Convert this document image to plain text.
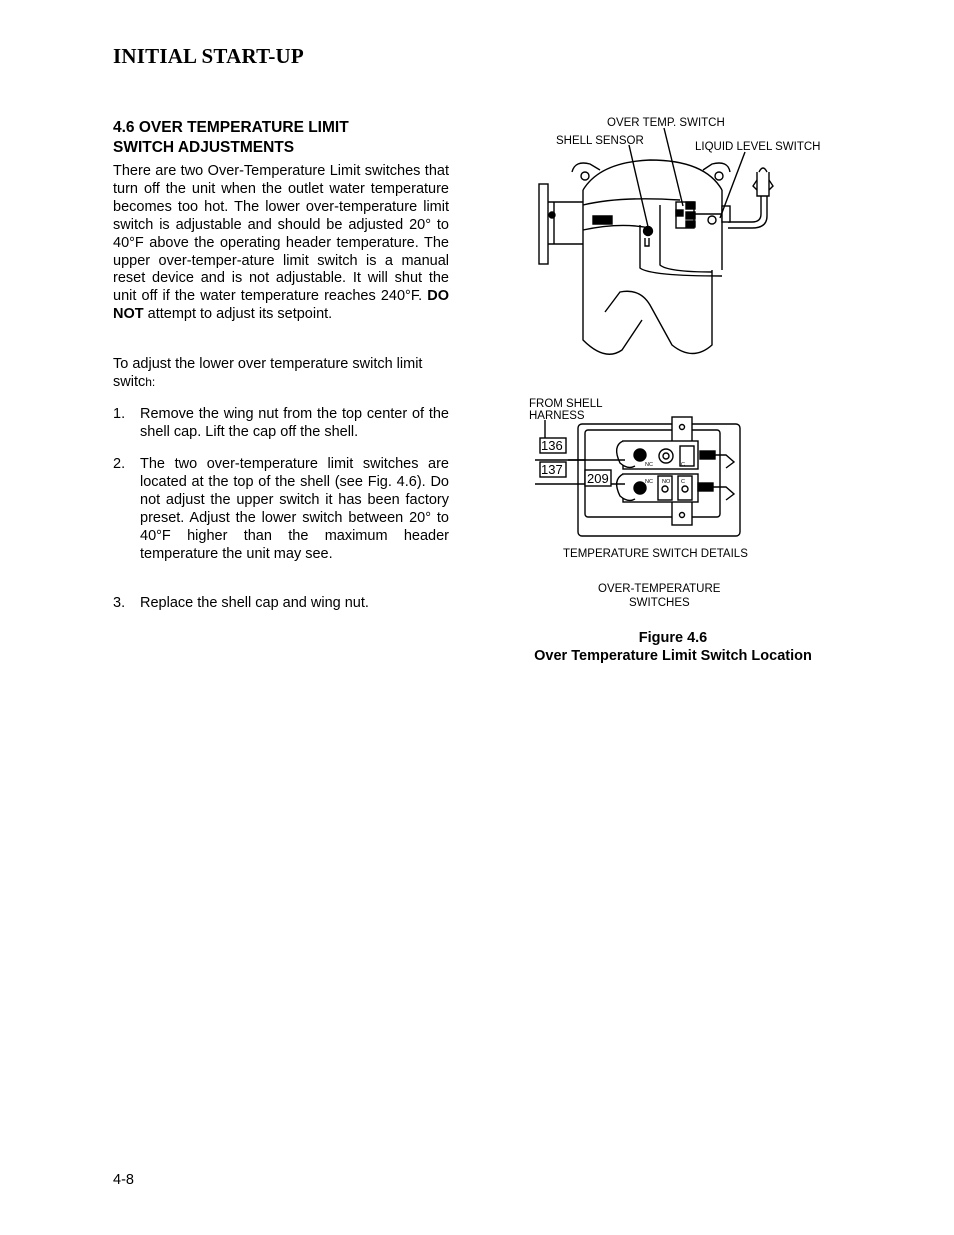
INITIAL START-UP
4.6 OVER TEMPERATURE LIMIT
SWITCH ADJUSTMENTS
There are two Over-Temperature Limit switches that turn off the unit when the outlet water temperature becomes too hot. The lower over-temperature limit switch is adjustable and should be adjusted 20° to 40°F above the operating header temperature. The upper over-temper-ature limit switch is a manual reset device and is not adjustable. It will shut the unit off if the water temperature reaches 240°F. DO NOT attempt to adjust its setpoint.
To adjust the lower over temperature switch limit switch:
1. Remove the wing nut from the top center of the shell cap. Lift the cap off the shell.
2. The two over-temperature limit switches are located at the top of the shell (see Fig. 4.6). Do not adjust the upper switch it has been factory preset. Adjust the lower switch between 20° to 40°F higher than the maximum header temperature the unit may see.
3. Replace the shell cap and wing nut.
OVER TEMP. SWITCH
SHELL SENSOR	LIQUID LEVEL SWITCH
FROM SHELL
HARNESS
136
137
209
NC	C
NC NO C
TEMPERATURE SWITCH DETAILS
OVER-TEMPERATURE
SWITCHES
Figure 4.6
Over Temperature Limit Switch Location
4-8
